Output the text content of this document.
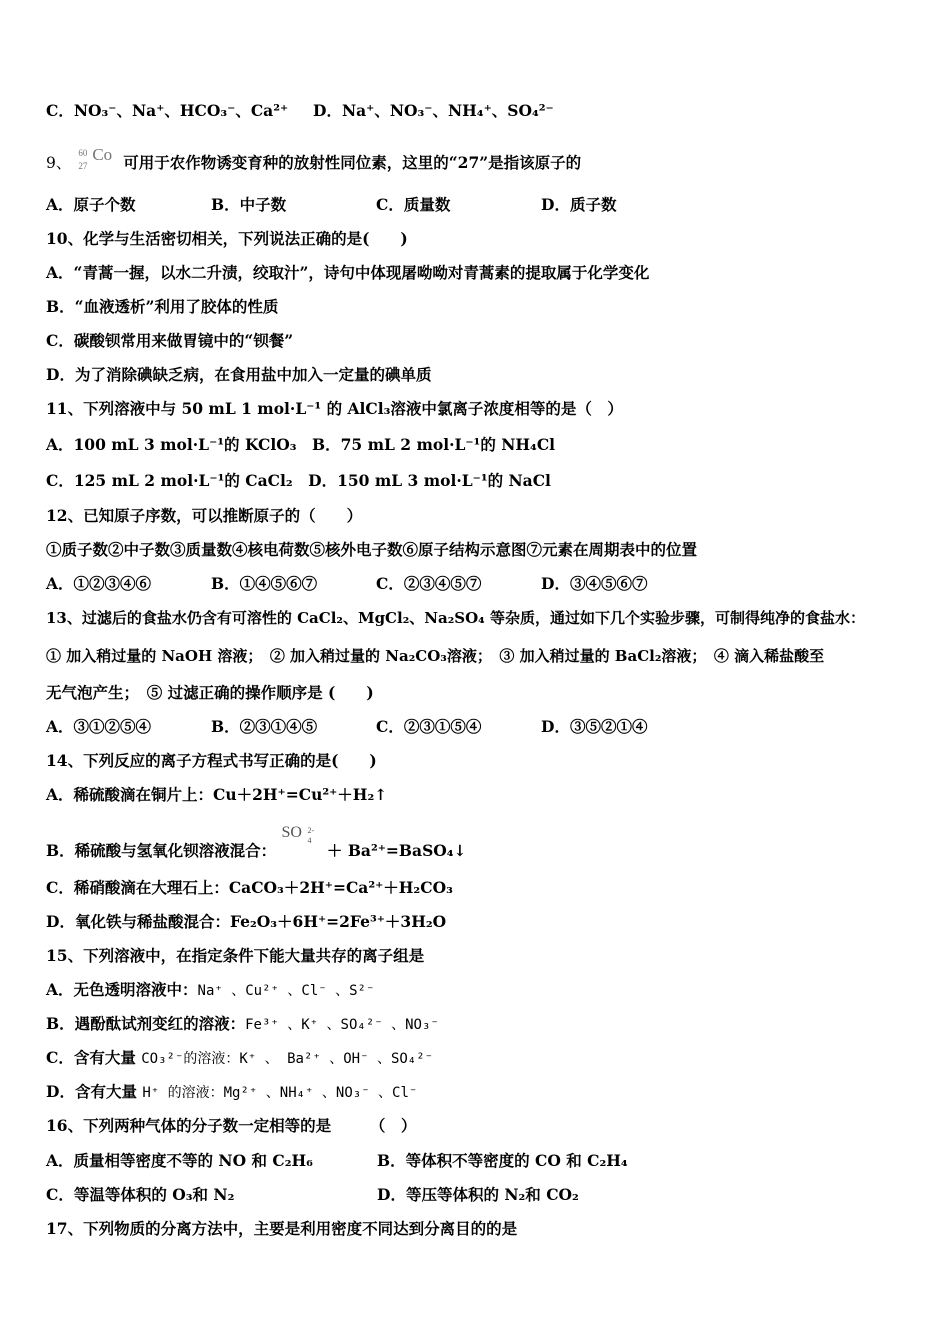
C．NO₃⁻、Na⁺、HCO₃⁻、Ca²⁺ D．Na⁺、NO₃⁻、NH₄⁺、SO₄²⁻
9、
60
27
Co 可用于农作物诱变育种的放射性同位素，这里的“27”是指该原子的
A．原子个数	B．中子数	C．质量数	D．质子数
10、化学与生活密切相关，下列说法正确的是(　　)
A．“青蒿一握，以水二升渍，绞取汁”，诗句中体现屠呦呦对青蒿素的提取属于化学变化
B．“血液透析”利用了胶体的性质
C．碳酸钡常用来做胃镜中的“钡餐”
D．为了消除碘缺乏病，在食用盐中加入一定量的碘单质
11、下列溶液中与 50 mL 1 mol·L⁻¹ 的 AlCl₃溶液中氯离子浓度相等的是（　）
A．100 mL 3 mol·L⁻¹的 KClO₃　B．75 mL 2 mol·L⁻¹的 NH₄Cl
C．125 mL 2 mol·L⁻¹的 CaCl₂　D．150 mL 3 mol·L⁻¹的 NaCl
12、已知原子序数，可以推断原子的（　　）
①质子数②中子数③质量数④核电荷数⑤核外电子数⑥原子结构示意图⑦元素在周期表中的位置
A．①②③④⑥	B．①④⑤⑥⑦	C．②③④⑤⑦	D．③④⑤⑥⑦
13、过滤后的食盐水仍含有可溶性的 CaCl₂、MgCl₂、Na₂SO₄ 等杂质，通过如下几个实验步骤，可制得纯净的食盐水：
① 加入稍过量的 NaOH 溶液；　② 加入稍过量的 Na₂CO₃溶液；　③ 加入稍过量的 BaCl₂溶液；　④ 滴入稀盐酸至
无气泡产生；　⑤ 过滤正确的操作顺序是 (　　)
A．③①②⑤④	B．②③①④⑤	C．②③①⑤④	D．③⑤②①④
14、下列反应的离子方程式书写正确的是(　　)
A．稀硫酸滴在铜片上：Cu＋2H⁺=Cu²⁺＋H₂↑
B．稀硫酸与氢氧化钡溶液混合：
SO 2-
4
＋ Ba²⁺=BaSO₄↓
C．稀硝酸滴在大理石上：CaCO₃＋2H⁺=Ca²⁺＋H₂CO₃
D．氧化铁与稀盐酸混合：Fe₂O₃＋6H⁺=2Fe³⁺＋3H₂O
15、下列溶液中，在指定条件下能大量共存的离子组是
A．无色透明溶液中：Na⁺ 、Cu²⁺ 、Cl⁻ 、S²⁻
B．遇酚酞试剂变红的溶液：Fe³⁺ 、K⁺ 、SO₄²⁻ 、NO₃⁻
C．含有大量 CO₃²⁻的溶液：K⁺ 、 Ba²⁺ 、OH⁻ 、SO₄²⁻
D．含有大量 H⁺ 的溶液：Mg²⁺ 、NH₄⁺ 、NO₃⁻ 、Cl⁻
16、下列两种气体的分子数一定相等的是　　　（　）
A．质量相等密度不等的 NO 和 C₂H₆	B．等体积不等密度的 CO 和 C₂H₄
C．等温等体积的 O₃和 N₂	D．等压等体积的 N₂和 CO₂
17、下列物质的分离方法中，主要是利用密度不同达到分离目的的是
